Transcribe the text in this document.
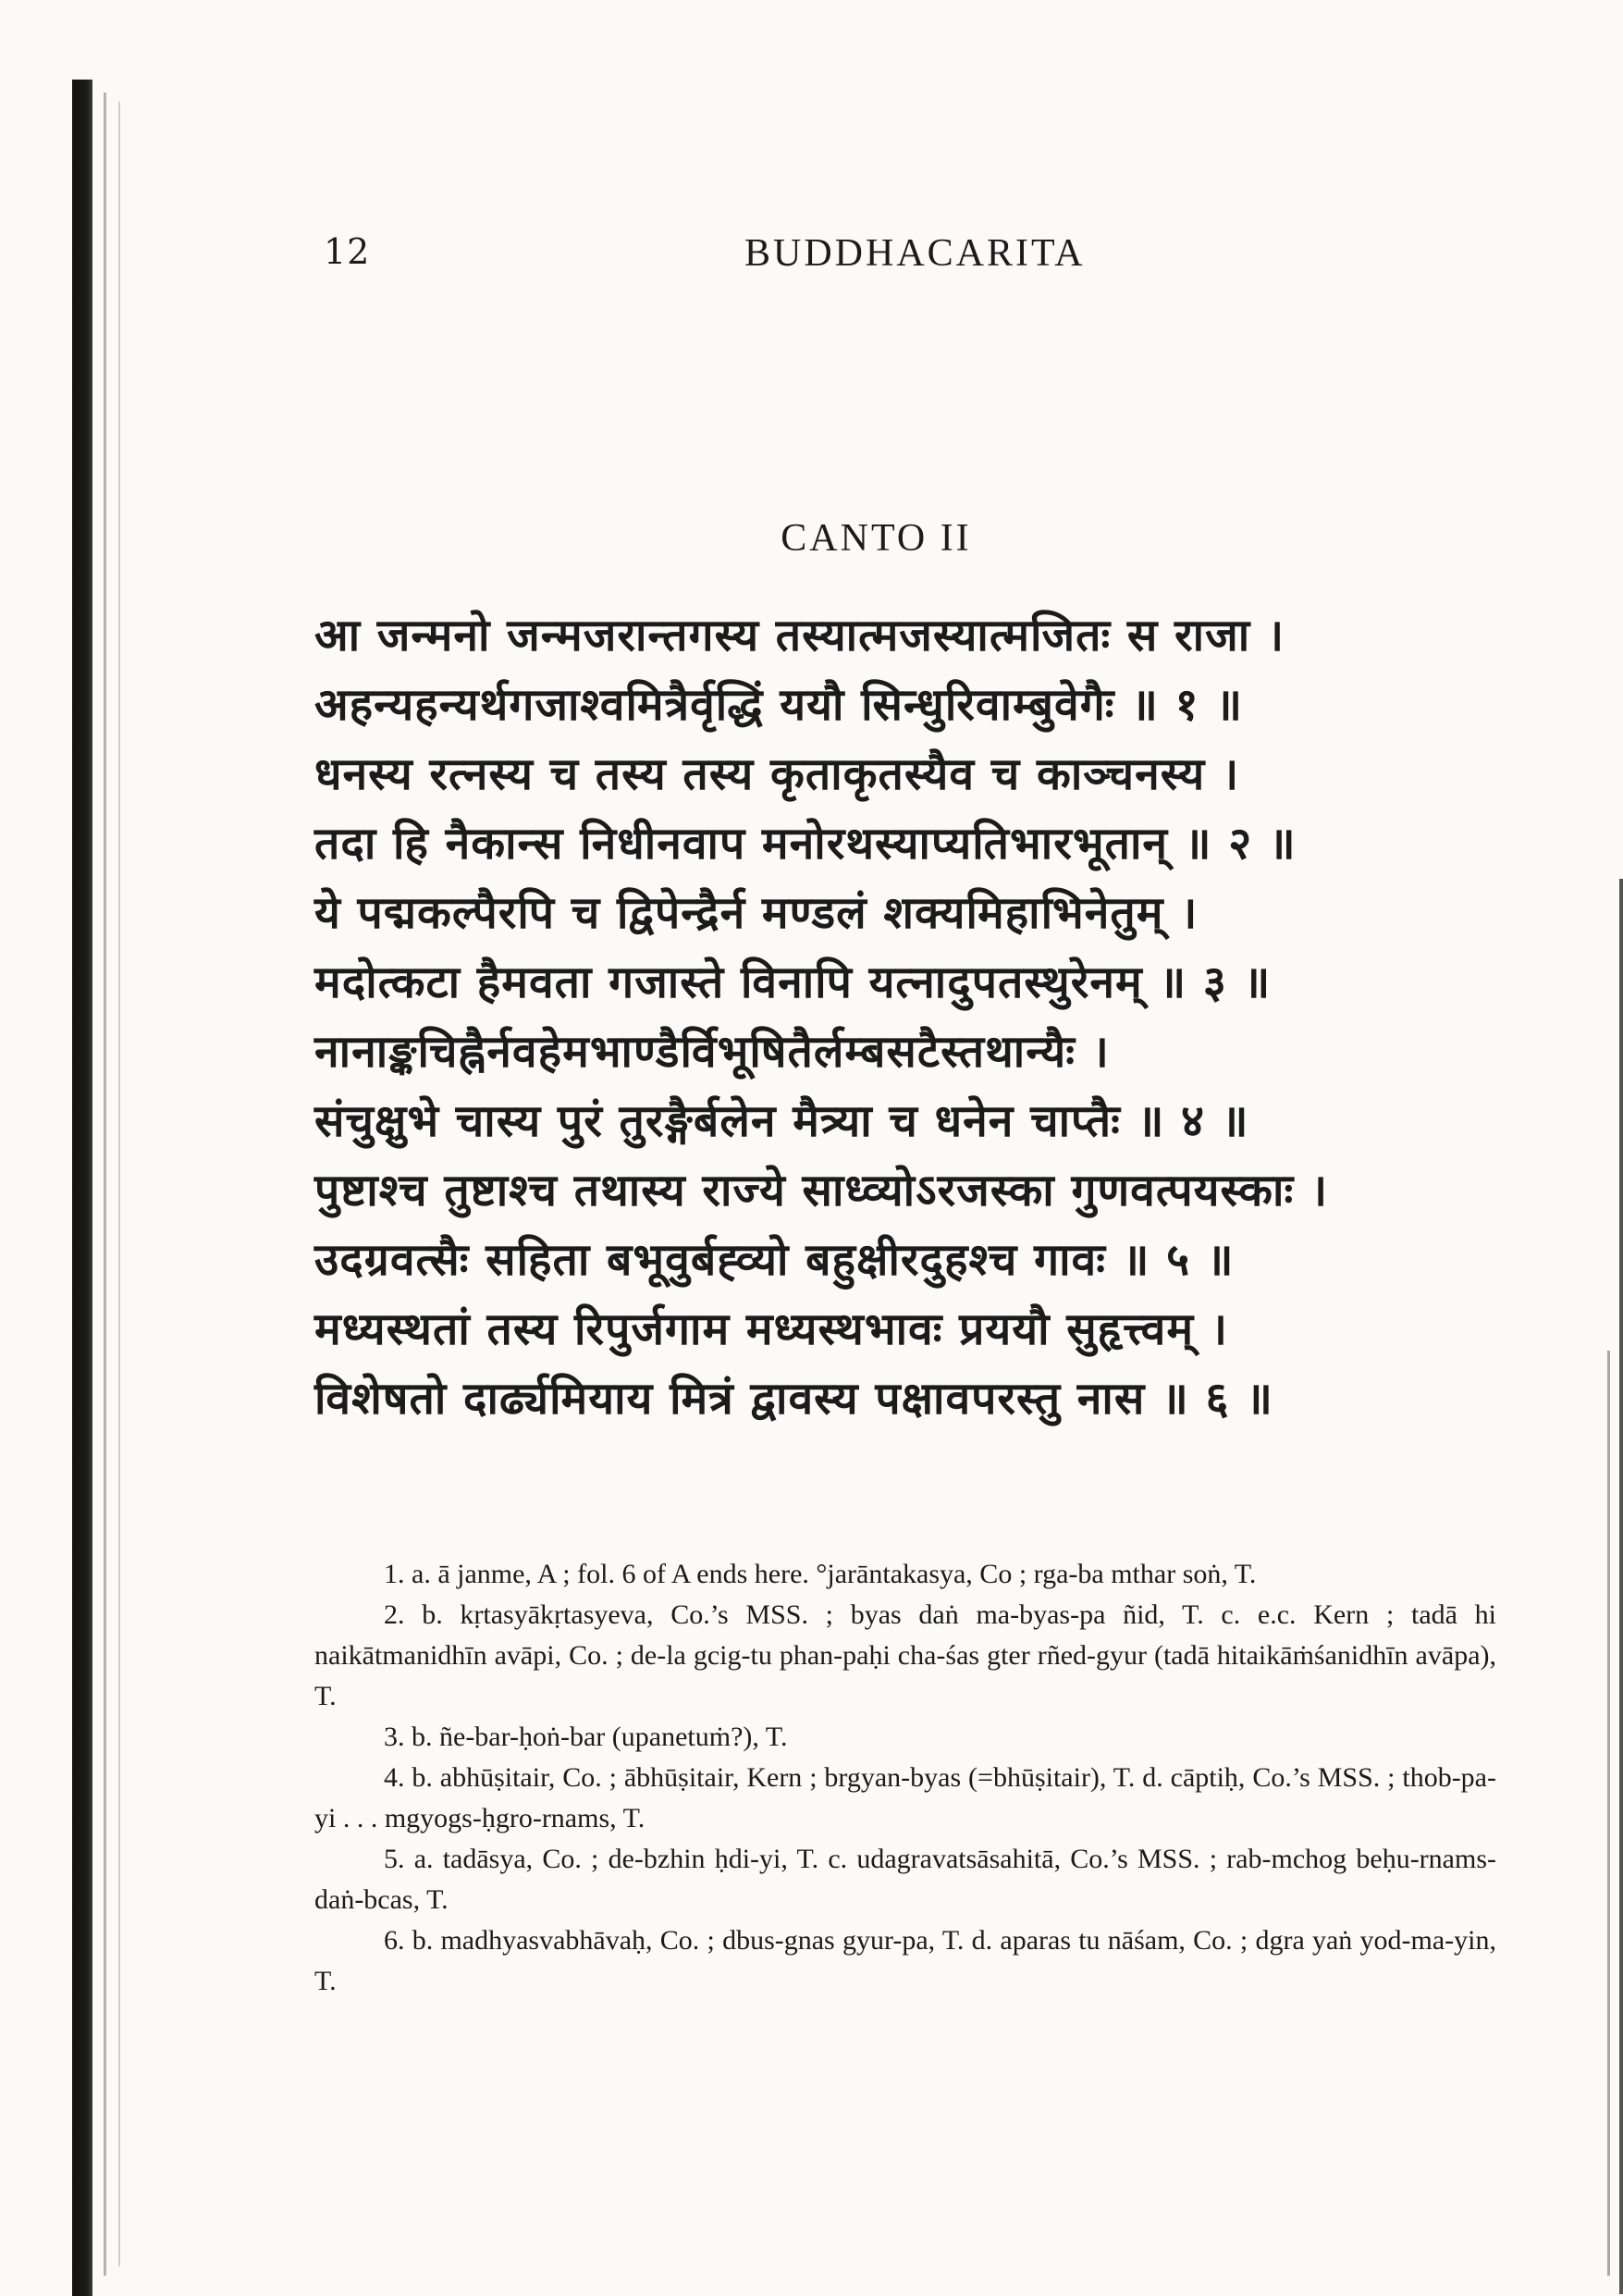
12	BUDDHACARITA
CANTO II
आ जन्मनो जन्मजरान्तगस्य तस्यात्मजस्यात्मजितः स राजा ।
अहन्यहन्यर्थगजाश्वमित्रैर्वृद्धिं ययौ सिन्धुरिवाम्बुवेगैः ॥ १ ॥
धनस्य रत्नस्य च तस्य तस्य कृताकृतस्यैव च काञ्चनस्य ।
तदा हि नैकान्स निधीनवाप मनोरथस्याप्यतिभारभूतान् ॥ २ ॥
ये पद्मकल्पैरपि च द्विपेन्द्रैर्न मण्डलं शक्यमिहाभिनेतुम् ।
मदोत्कटा हैमवता गजास्ते विनापि यत्नादुपतस्थुरेनम् ॥ ३ ॥
नानाङ्कचिह्नैर्नवहेमभाण्डैर्विभूषितैर्लम्बसटैस्तथान्यैः ।
संचुक्षुभे चास्य पुरं तुरङ्गैर्बलेन मैत्र्या च धनेन चाप्तैः ॥ ४ ॥
पुष्टाश्च तुष्टाश्च तथास्य राज्ये साध्व्योऽरजस्का गुणवत्पयस्काः ।
उदग्रवत्सैः सहिता बभूवुर्बह्व्यो बहुक्षीरदुहश्च गावः ॥ ५ ॥
मध्यस्थतां तस्य रिपुर्जगाम मध्यस्थभावः प्रययौ सुहृत्त्वम् ।
विशेषतो दार्ढ्यमियाय मित्रं द्वावस्य पक्षावपरस्तु नास ॥ ६ ॥

1. a. ā janme, A ; fol. 6 of A ends here. °jarāntakasya, Co ; rga-ba mthar soṅ, T.

2. b. kṛtasyākṛtasyeva, Co.’s MSS. ; byas daṅ ma-byas-pa ñid, T. c. e.c. Kern ; tadā hi naikātmanidhīn avāpi, Co. ; de-la gcig-tu phan-paḥi cha-śas gter rñed-gyur (tadā hitaikāṁśanidhīn avāpa), T.

3. b. ñe-bar-ḥoṅ-bar (upanetuṁ?), T.

4. b. abhūṣitair, Co. ; ābhūṣitair, Kern ; brgyan-byas (=bhūṣitair), T. d. cāptiḥ, Co.’s MSS. ; thob-pa-yi . . . mgyogs-ḥgro-rnams, T.

5. a. tadāsya, Co. ; de-bzhin ḥdi-yi, T. c. udagravatsāsahitā, Co.’s MSS. ; rab-mchog beḥu-rnams-daṅ-bcas, T.

6. b. madhyasvabhāvaḥ, Co. ; dbus-gnas gyur-pa, T. d. aparas tu nāśam, Co. ; dgra yaṅ yod-ma-yin, T.
